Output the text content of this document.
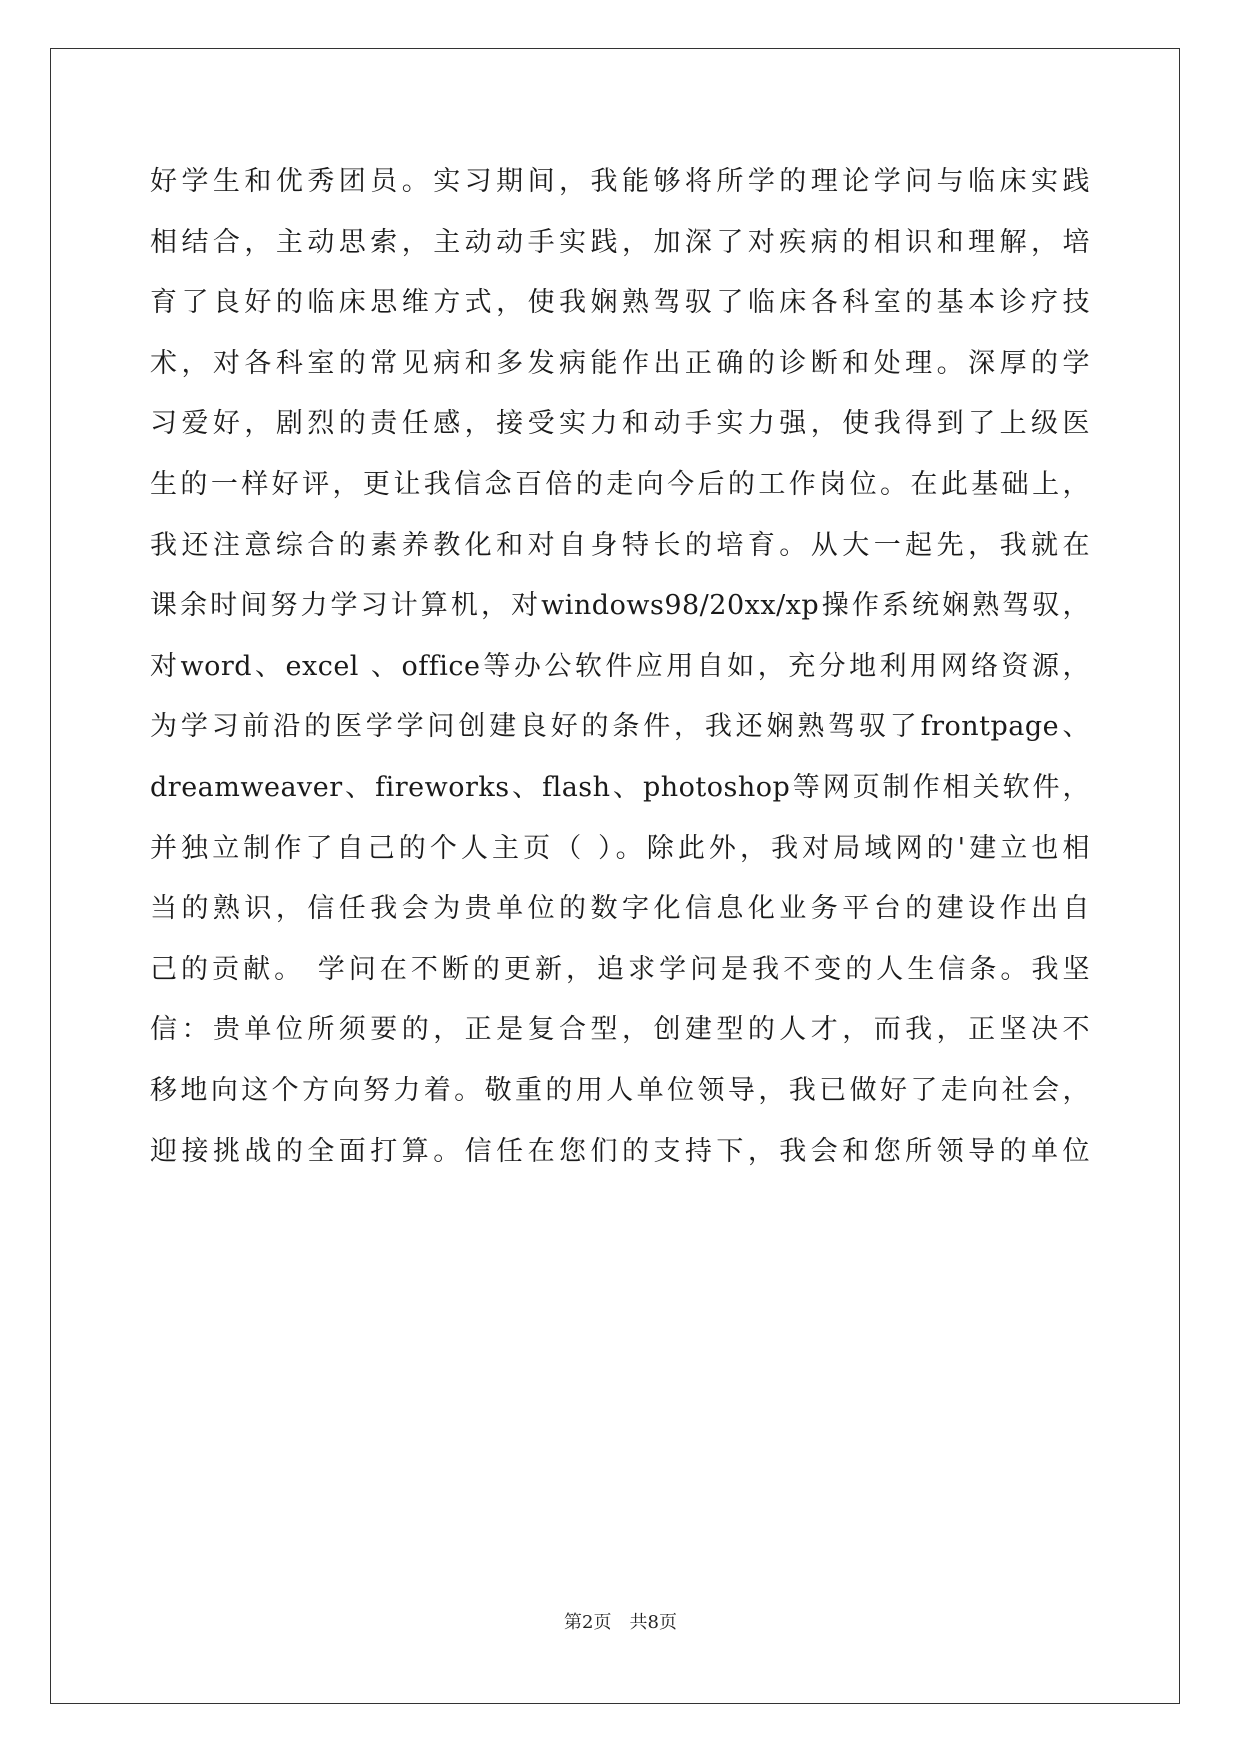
好学生和优秀团员。实习期间，我能够将所学的理论学问与临床实践
相结合，主动思索，主动动手实践，加深了对疾病的相识和理解，培
育了良好的临床思维方式，使我娴熟驾驭了临床各科室的基本诊疗技
术，对各科室的常见病和多发病能作出正确的诊断和处理。深厚的学
习爱好，剧烈的责任感，接受实力和动手实力强，使我得到了上级医
生的一样好评，更让我信念百倍的走向今后的工作岗位。在此基础上，
我还注意综合的素养教化和对自身特长的培育。从大一起先，我就在
课余时间努力学习计算机，对windows98/20xx/xp操作系统娴熟驾驭，
对word、excel 、office等办公软件应用自如，充分地利用网络资源，
为学习前沿的医学学问创建良好的条件，我还娴熟驾驭了frontpage、
dreamweaver、fireworks、flash、photoshop等网页制作相关软件，
并独立制作了自己的个人主页（ ）。除此外，我对局域网的'建立也相
当的熟识，信任我会为贵单位的数字化信息化业务平台的建设作出自
己的贡献。 学问在不断的更新，追求学问是我不变的人生信条。我坚
信：贵单位所须要的，正是复合型，创建型的人才，而我，正坚决不
移地向这个方向努力着。敬重的用人单位领导，我已做好了走向社会，
迎接挑战的全面打算。信任在您们的支持下，我会和您所领导的单位
第2页 共8页
